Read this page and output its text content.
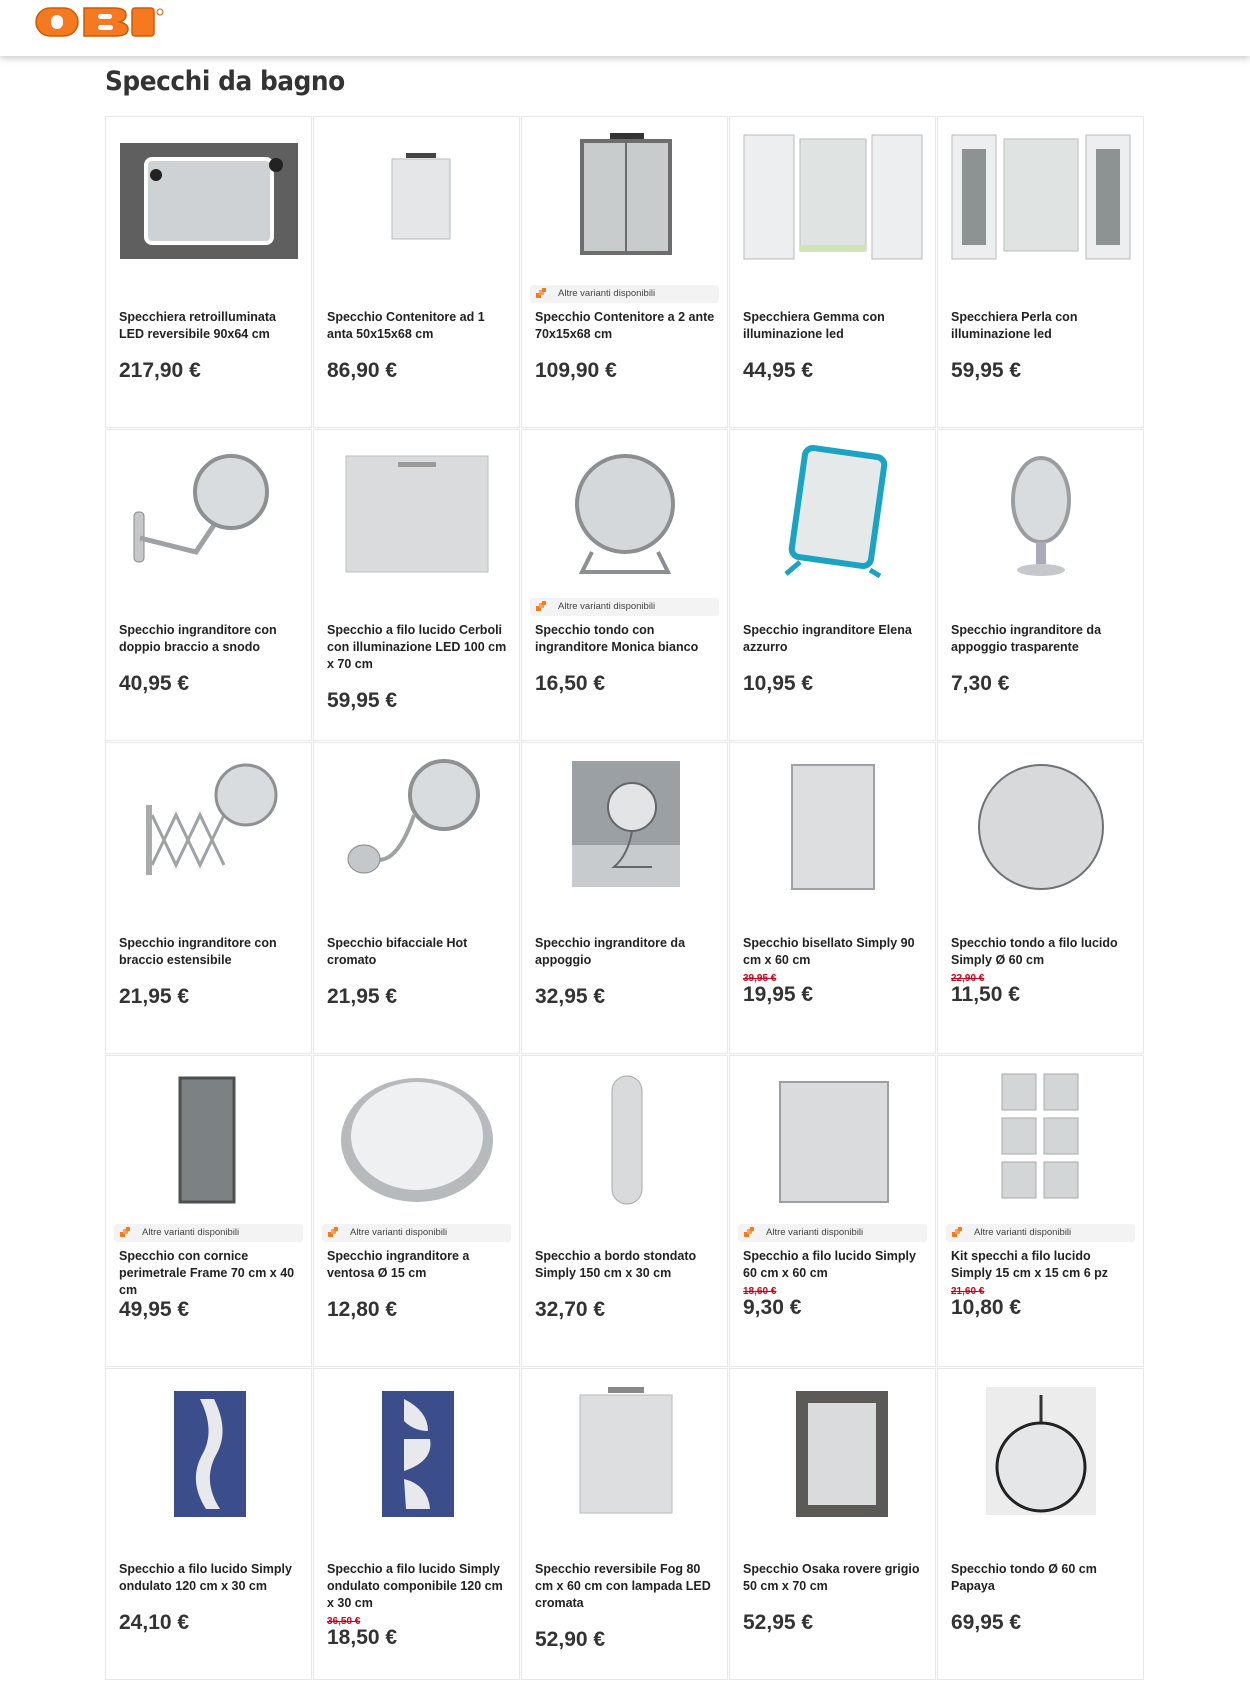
Specchi da bagno
Specchiera retroilluminata LED reversibile 90x64 cm
217,90 €
Specchio Contenitore ad 1 anta 50x15x68 cm
86,90 €
Altre varianti disponibili
Specchio Contenitore a 2 ante 70x15x68 cm
109,90 €
Specchiera Gemma con illuminazione led
44,95 €
Specchiera Perla con illuminazione led
59,95 €
Specchio ingranditore con doppio braccio a snodo
40,95 €
Specchio a filo lucido Cerboli con illuminazione LED 100 cm x 70 cm
59,95 €
Altre varianti disponibili
Specchio tondo con ingranditore Monica bianco
16,50 €
Specchio ingranditore Elena azzurro
10,95 €
Specchio ingranditore da appoggio trasparente
7,30 €
Specchio ingranditore con braccio estensibile
21,95 €
Specchio bifacciale Hot cromato
21,95 €
Specchio ingranditore da appoggio
32,95 €
Specchio bisellato Simply 90 cm x 60 cm
39,95 €
19,95 €
Specchio tondo a filo lucido Simply Ø 60 cm
22,90 €
11,50 €
Altre varianti disponibili
Specchio con cornice perimetrale Frame 70 cm x 40 cm
49,95 €
Altre varianti disponibili
Specchio ingranditore a ventosa Ø 15 cm
12,80 €
Specchio a bordo stondato Simply 150 cm x 30 cm
32,70 €
Altre varianti disponibili
Specchio a filo lucido Simply 60 cm x 60 cm
18,60 €
9,30 €
Altre varianti disponibili
Kit specchi a filo lucido Simply 15 cm x 15 cm 6 pz
21,60 €
10,80 €
Specchio a filo lucido Simply ondulato 120 cm x 30 cm
24,10 €
Specchio a filo lucido Simply ondulato componibile 120 cm x 30 cm
36,50 €
18,50 €
Specchio reversibile Fog 80 cm x 60 cm con lampada LED cromata
52,90 €
Specchio Osaka rovere grigio 50 cm x 70 cm
52,95 €
Specchio tondo Ø 60 cm Papaya
69,95 €
